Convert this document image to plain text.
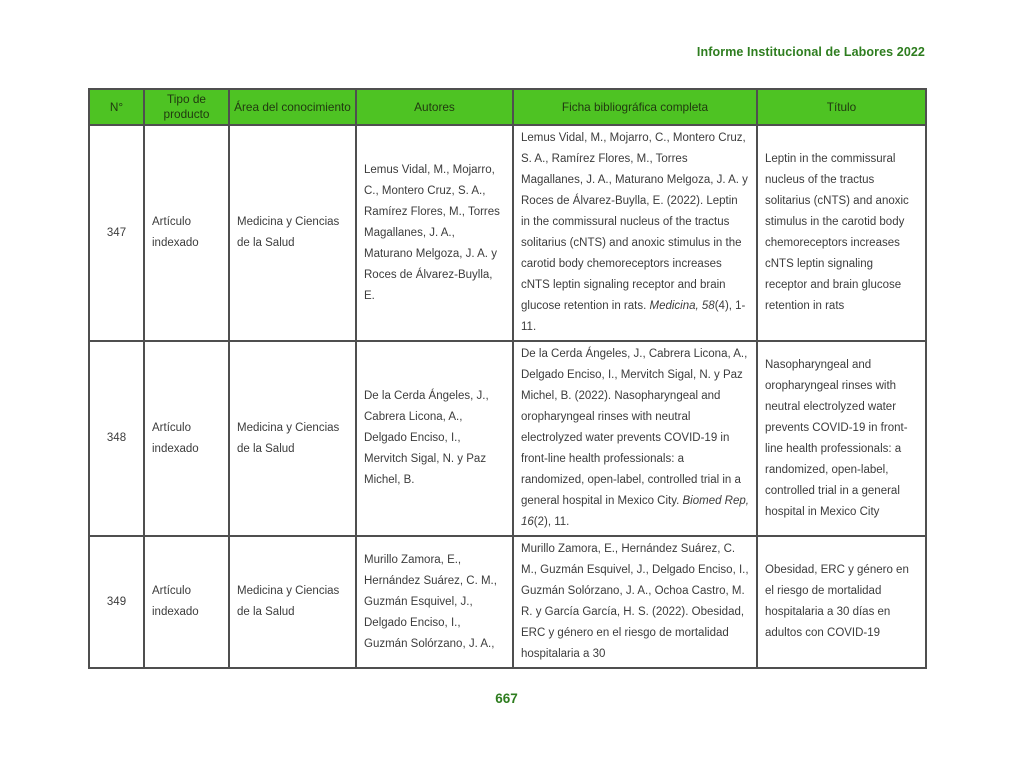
Informe Institucional de Labores 2022
N°	Tipo de producto	Área del conocimiento	Autores	Ficha bibliográfica completa	Título
347	Artículo indexado	Medicina y Ciencias de la Salud	Lemus Vidal, M., Mojarro, C., Montero Cruz, S. A., Ramírez Flores, M., Torres Magallanes, J. A., Maturano Melgoza, J. A. y Roces de Álvarez-Buylla, E.	Lemus Vidal, M., Mojarro, C., Montero Cruz, S. A., Ramírez Flores, M., Torres Magallanes, J. A., Maturano Melgoza, J. A. y Roces de Álvarez-Buylla, E. (2022). Leptin in the commissural nucleus of the tractus solitarius (cNTS) and anoxic stimulus in the carotid body chemoreceptors increases cNTS leptin signaling receptor and brain glucose retention in rats. Medicina, 58(4), 1-11.	Leptin in the commissural nucleus of the tractus solitarius (cNTS) and anoxic stimulus in the carotid body chemoreceptors increases cNTS leptin signaling receptor and brain glucose retention in rats
348	Artículo indexado	Medicina y Ciencias de la Salud	De la Cerda Ángeles, J., Cabrera Licona, A., Delgado Enciso, I., Mervitch Sigal, N. y Paz Michel, B.	De la Cerda Ángeles, J., Cabrera Licona, A., Delgado Enciso, I., Mervitch Sigal, N. y Paz Michel, B. (2022). Nasopharyngeal and oropharyngeal rinses with neutral electrolyzed water prevents COVID-19 in front-line health professionals: a randomized, open-label, controlled trial in a general hospital in Mexico City. Biomed Rep, 16(2), 11.	Nasopharyngeal and oropharyngeal rinses with neutral electrolyzed water prevents COVID-19 in front-line health professionals: a randomized, open-label, controlled trial in a general hospital in Mexico City
349	Artículo indexado	Medicina y Ciencias de la Salud	Murillo Zamora, E., Hernández Suárez, C. M., Guzmán Esquivel, J., Delgado Enciso, I., Guzmán Solórzano, J. A.,	Murillo Zamora, E., Hernández Suárez, C. M., Guzmán Esquivel, J., Delgado Enciso, I., Guzmán Solórzano, J. A., Ochoa Castro, M. R. y García García, H. S. (2022). Obesidad, ERC y género en el riesgo de mortalidad hospitalaria a 30	Obesidad, ERC y género en el riesgo de mortalidad hospitalaria a 30 días en adultos con COVID-19
667
